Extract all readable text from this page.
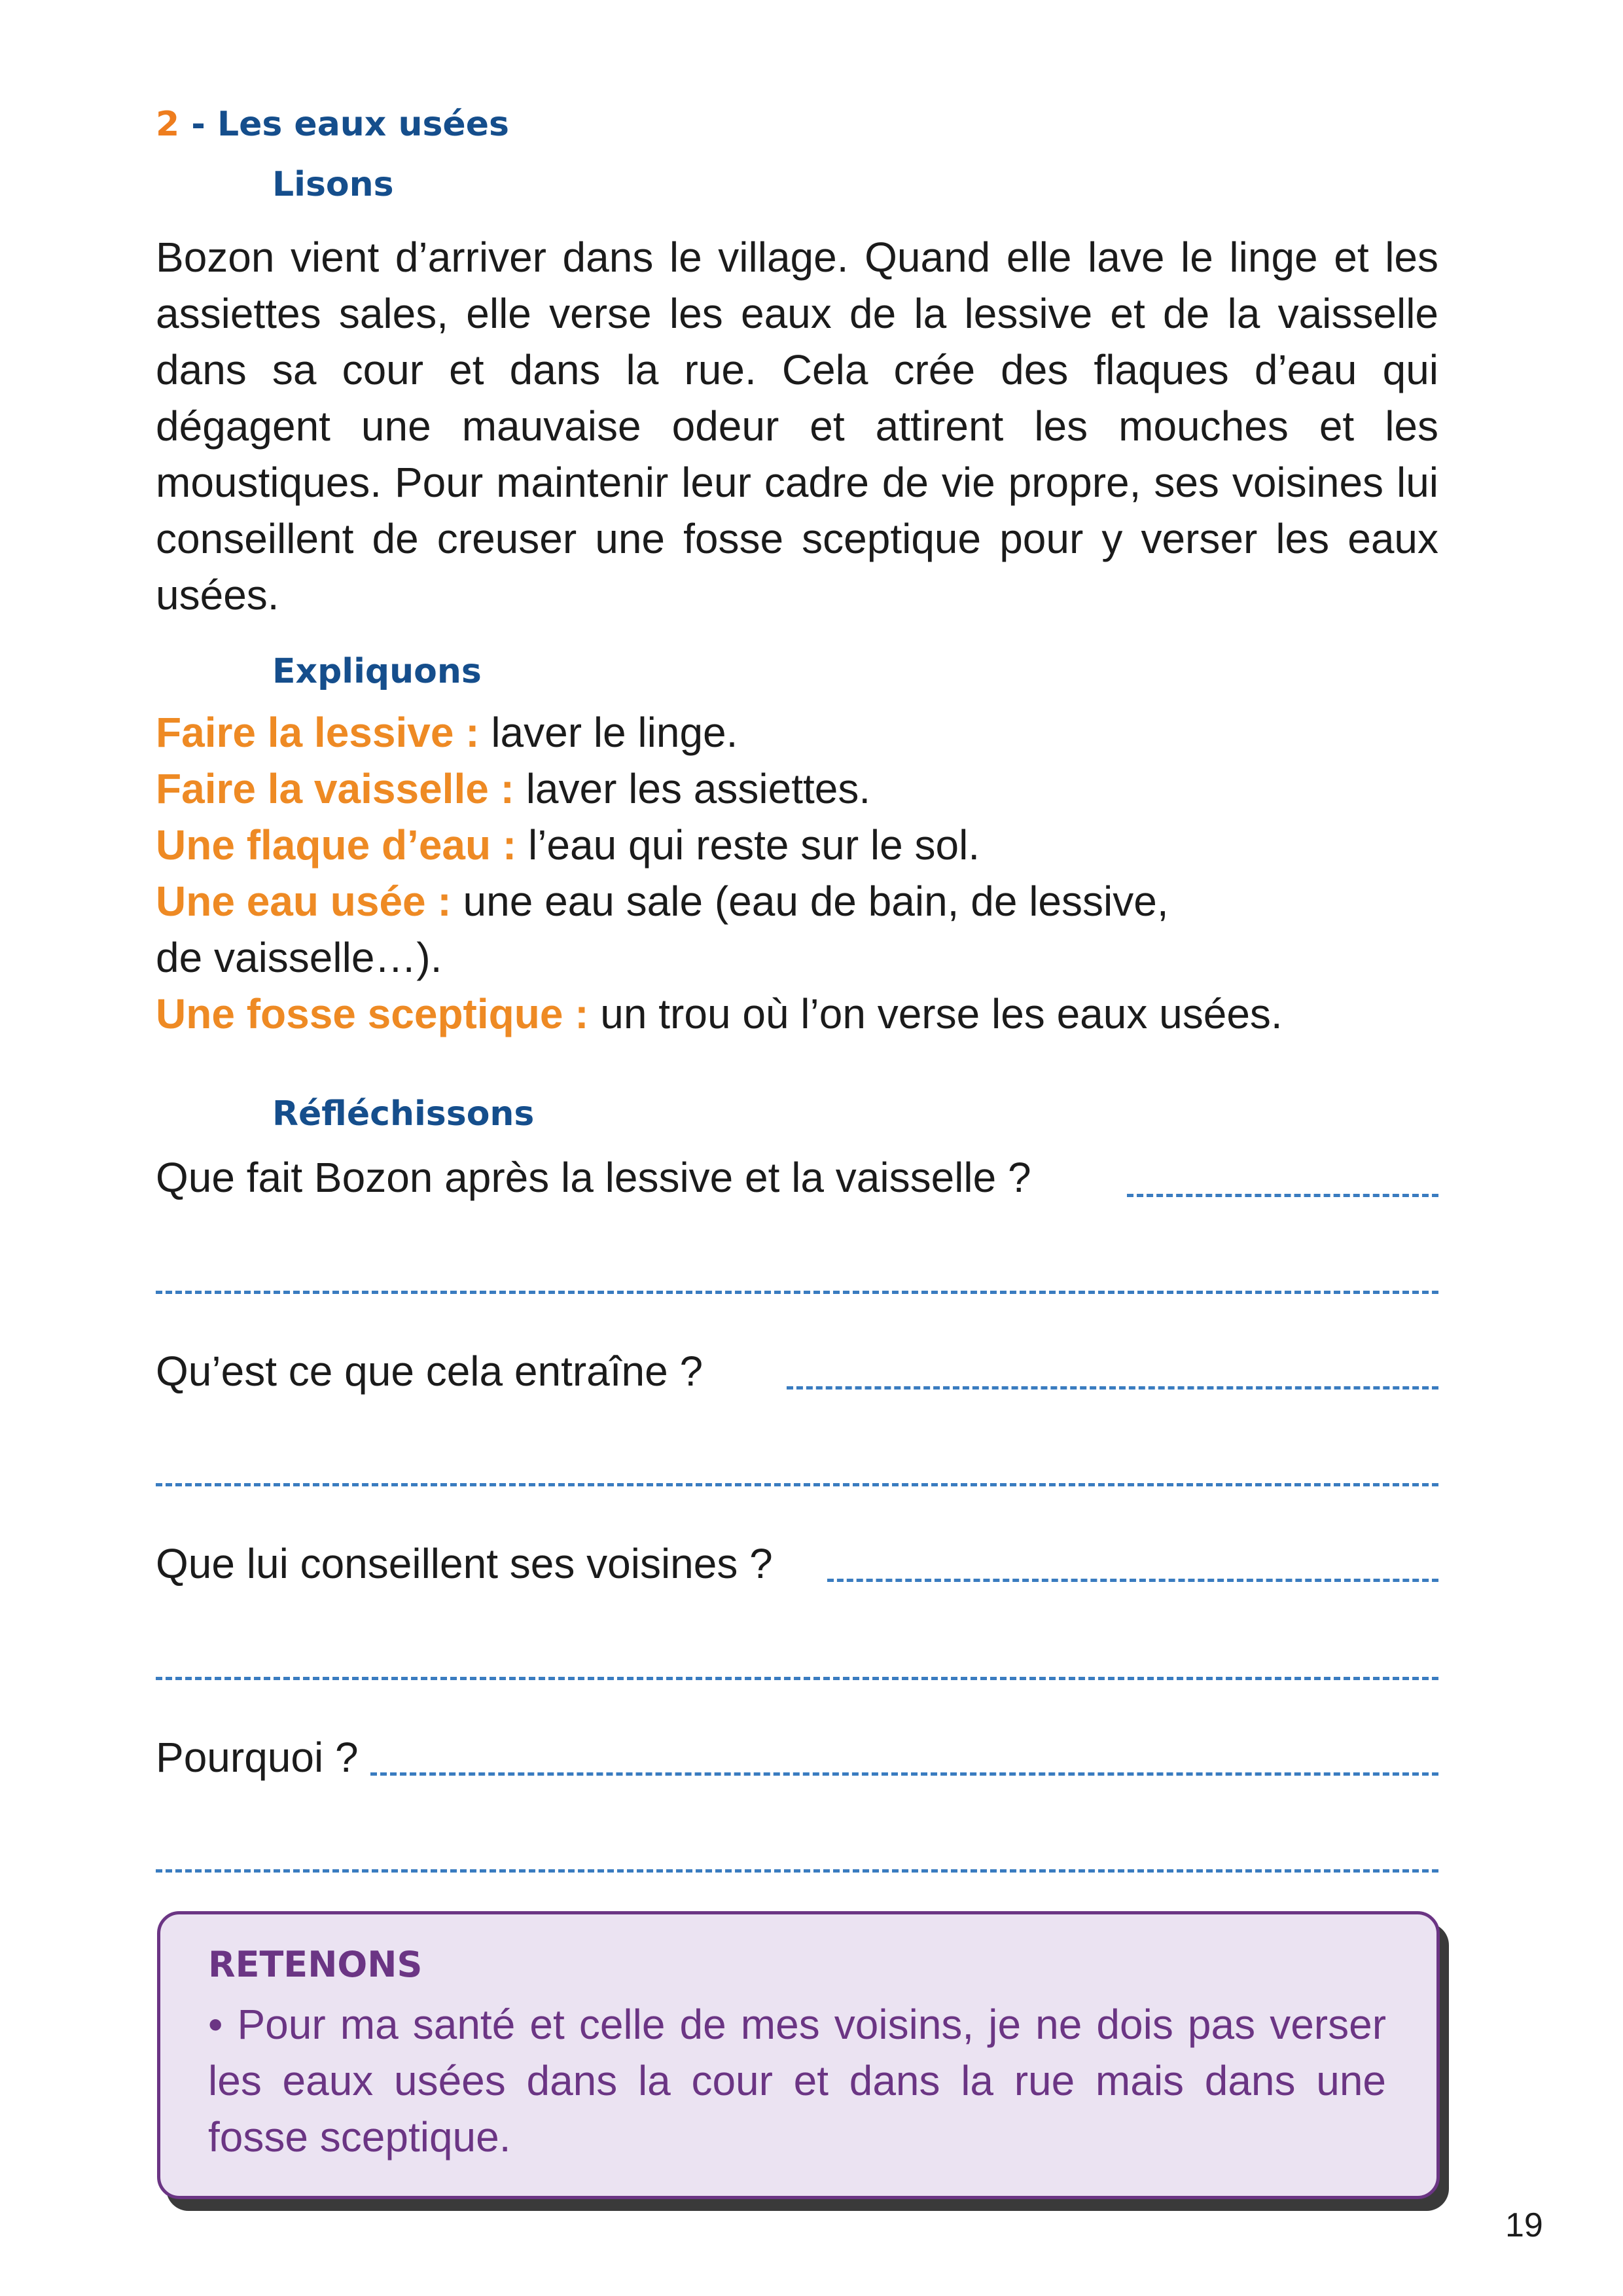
2 - Les eaux usées
Lisons

Bozon vient d’arriver dans le village. Quand elle lave le linge et les assiettes sales, elle verse les eaux de la lessive et de la vaisselle dans sa cour et dans la rue. Cela crée des flaques d’eau qui dégagent une mauvaise odeur et attirent les mouches et les moustiques. Pour maintenir leur cadre de vie propre, ses voisines lui conseillent de creuser une fosse sceptique pour y verser les eaux usées.

Expliquons

Faire la lessive : laver le linge.

Faire la vaisselle : laver les assiettes.

Une flaque d’eau : l’eau qui reste sur le sol.

Une eau usée : une eau sale (eau de bain, de lessive,

de vaisselle…).

Une fosse sceptique : un trou où l’on verse les eaux usées.

Réfléchissons
Que fait Bozon après la lessive et la vaisselle ?
Qu’est ce que cela entraîne ?
Que lui conseillent ses voisines ?
Pourquoi ?
RETENONS
• Pour ma santé et celle de mes voisins, je ne dois pas verser les eaux usées dans la cour et dans la rue mais dans une fosse sceptique.
19
